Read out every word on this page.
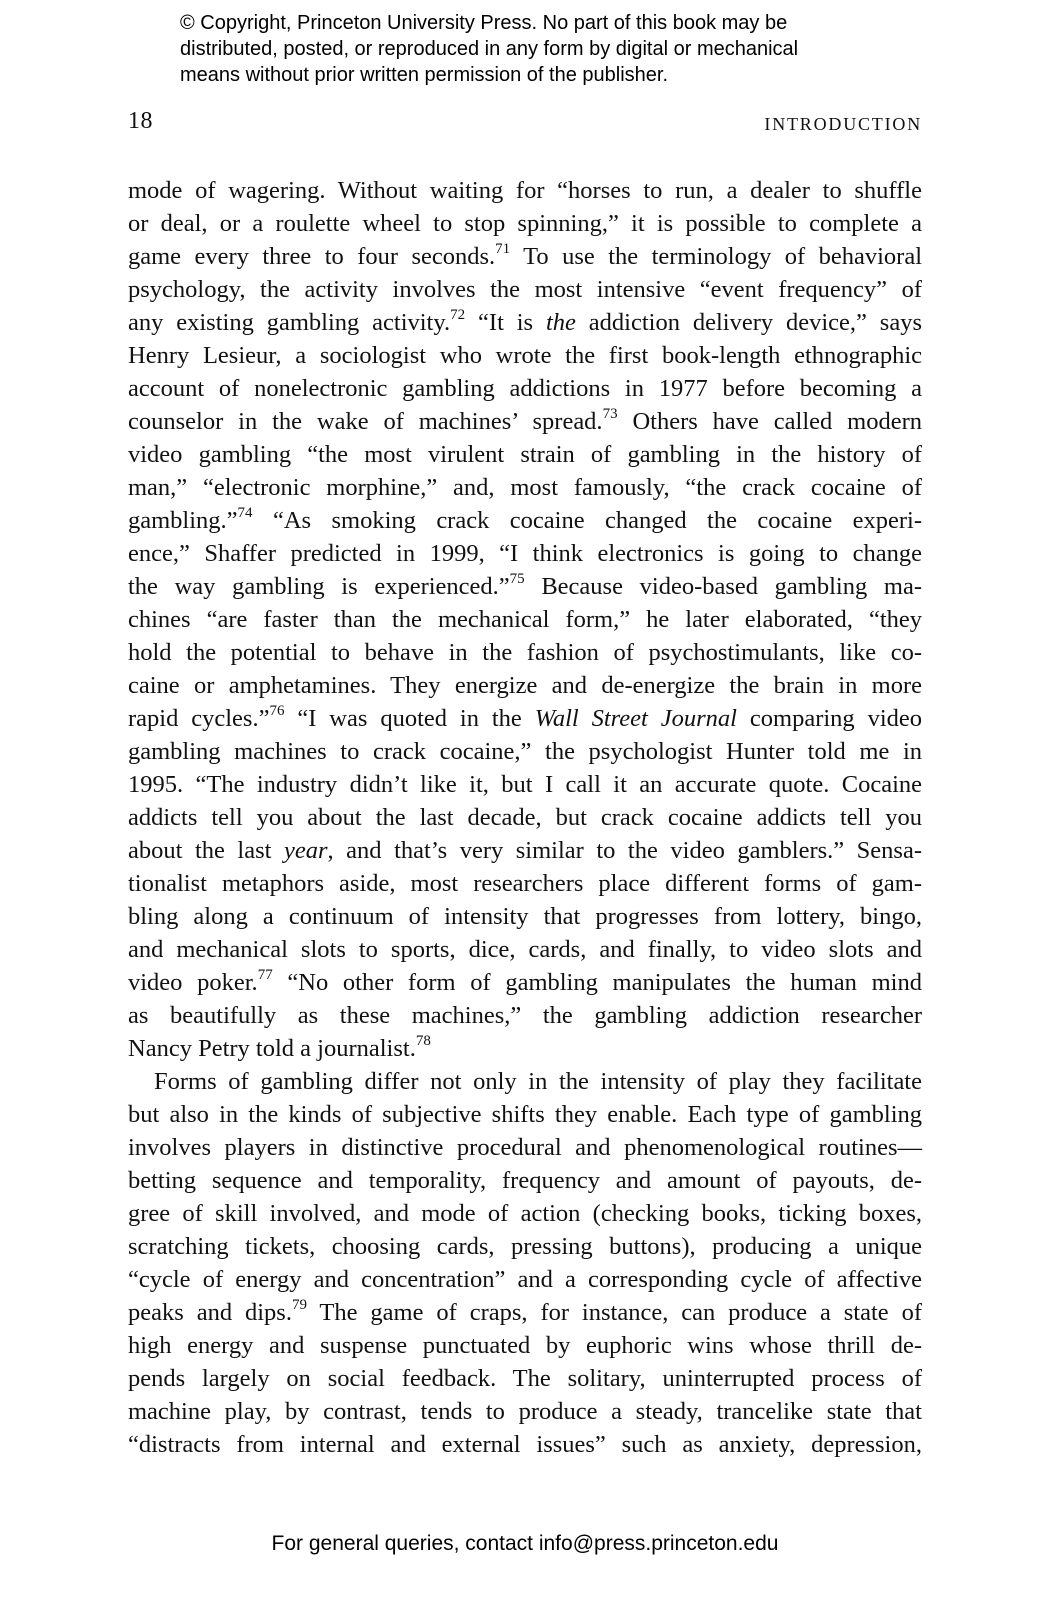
© Copyright, Princeton University Press. No part of this book may be
distributed, posted, or reproduced in any form by digital or mechanical
means without prior written permission of the publisher.
18	INTRODUCTION
mode of wagering. Without waiting for “horses to run, a dealer to shuffle
or deal, or a roulette wheel to stop spinning,” it is possible to complete a
game every three to four seconds.$^{71}$ To use the terminology of behavioral
psychology, the activity involves the most intensive “event frequency” of
any existing gambling activity.$^{72}$ “It is the addiction delivery device,” says
Henry Lesieur, a sociologist who wrote the first book-length ethnographic
account of nonelectronic gambling addictions in 1977 before becoming a
counselor in the wake of machines’ spread.$^{73}$ Others have called modern
video gambling “the most virulent strain of gambling in the history of
man,” “electronic morphine,” and, most famously, “the crack cocaine of
gambling.”$^{74}$ “As smoking crack cocaine changed the cocaine experi-
ence,” Shaffer predicted in 1999, “I think electronics is going to change
the way gambling is experienced.”$^{75}$ Because video-based gambling ma-
chines “are faster than the mechanical form,” he later elaborated, “they
hold the potential to behave in the fashion of psychostimulants, like co-
caine or amphetamines. They energize and de-energize the brain in more
rapid cycles.”$^{76}$ “I was quoted in the Wall Street Journal comparing video
gambling machines to crack cocaine,” the psychologist Hunter told me in
1995. “The industry didn’t like it, but I call it an accurate quote. Cocaine
addicts tell you about the last decade, but crack cocaine addicts tell you
about the last year, and that’s very similar to the video gamblers.” Sensa-
tionalist metaphors aside, most researchers place different forms of gam-
bling along a continuum of intensity that progresses from lottery, bingo,
and mechanical slots to sports, dice, cards, and finally, to video slots and
video poker.$^{77}$ “No other form of gambling manipulates the human mind
as beautifully as these machines,” the gambling addiction researcher
Nancy Petry told a journalist.$^{78}$
Forms of gambling differ not only in the intensity of play they facilitate
but also in the kinds of subjective shifts they enable. Each type of gambling
involves players in distinctive procedural and phenomenological routines—
betting sequence and temporality, frequency and amount of payouts, de-
gree of skill involved, and mode of action (checking books, ticking boxes,
scratching tickets, choosing cards, pressing buttons), producing a unique
“cycle of energy and concentration” and a corresponding cycle of affective
peaks and dips.$^{79}$ The game of craps, for instance, can produce a state of
high energy and suspense punctuated by euphoric wins whose thrill de-
pends largely on social feedback. The solitary, uninterrupted process of
machine play, by contrast, tends to produce a steady, trancelike state that
“distracts from internal and external issues” such as anxiety, depression,
For general queries, contact info@press.princeton.edu
